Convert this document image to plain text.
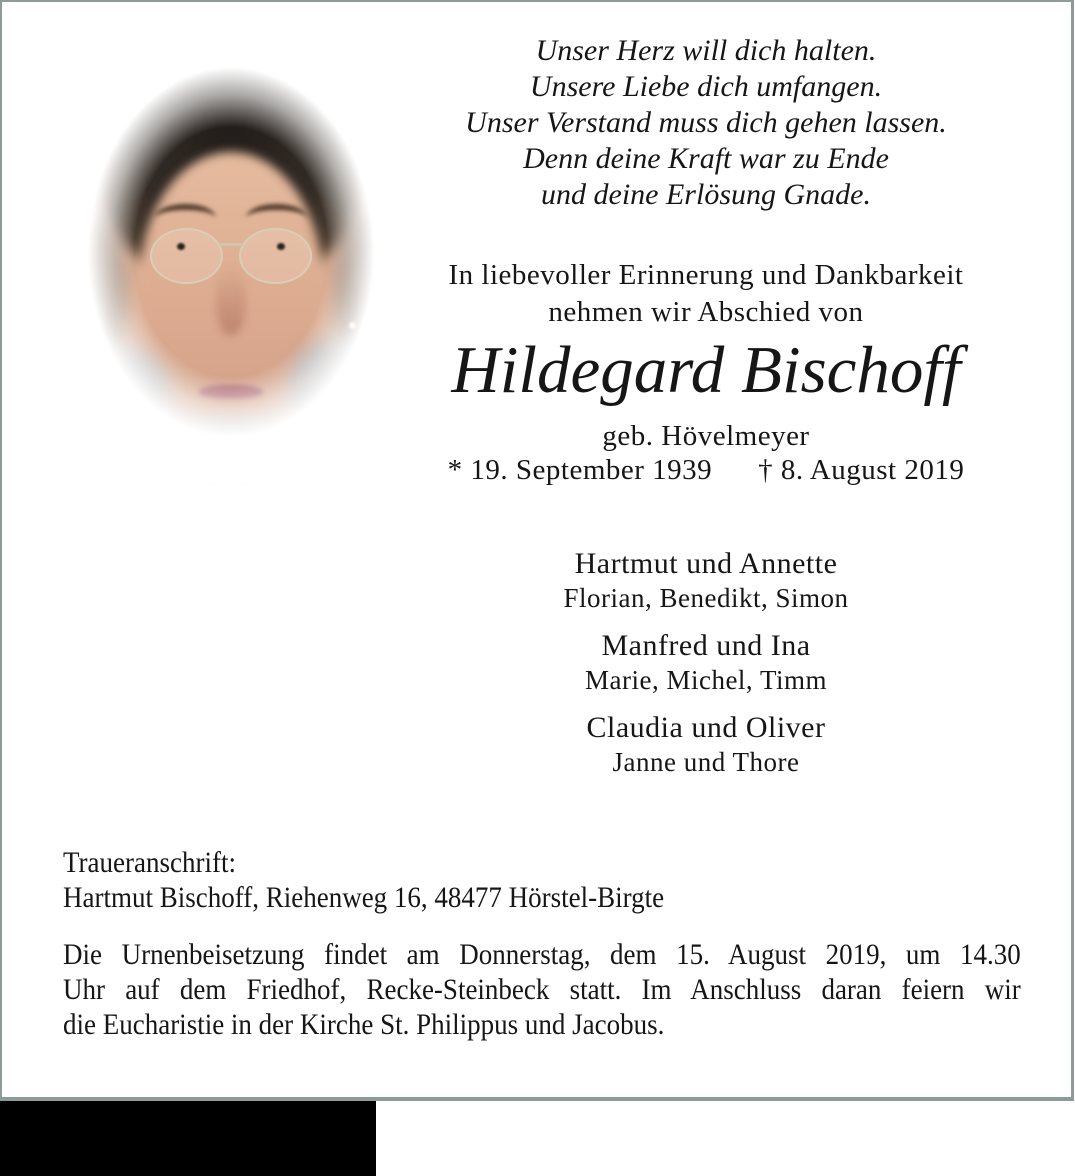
Unser Herz will dich halten.
Unsere Liebe dich umfangen.
Unser Verstand muss dich gehen lassen.
Denn deine Kraft war zu Ende
und deine Erlösung Gnade.
In liebevoller Erinnerung und Dankbarkeit
nehmen wir Abschied von
Hildegard Bischoff
geb. Hövelmeyer
* 19. September 1939 † 8. August 2019
Hartmut und Annette
Florian, Benedikt, Simon
Manfred und Ina
Marie, Michel, Timm
Claudia und Oliver
Janne und Thore
Traueranschrift:
Hartmut Bischoff, Riehenweg 16, 48477 Hörstel-Birgte
Die Urnenbeisetzung findet am Donnerstag, dem 15. August 2019, um 14.30
Uhr auf dem Friedhof, Recke-Steinbeck statt. Im Anschluss daran feiern wir
die Eucharistie in der Kirche St. Philippus und Jacobus.
